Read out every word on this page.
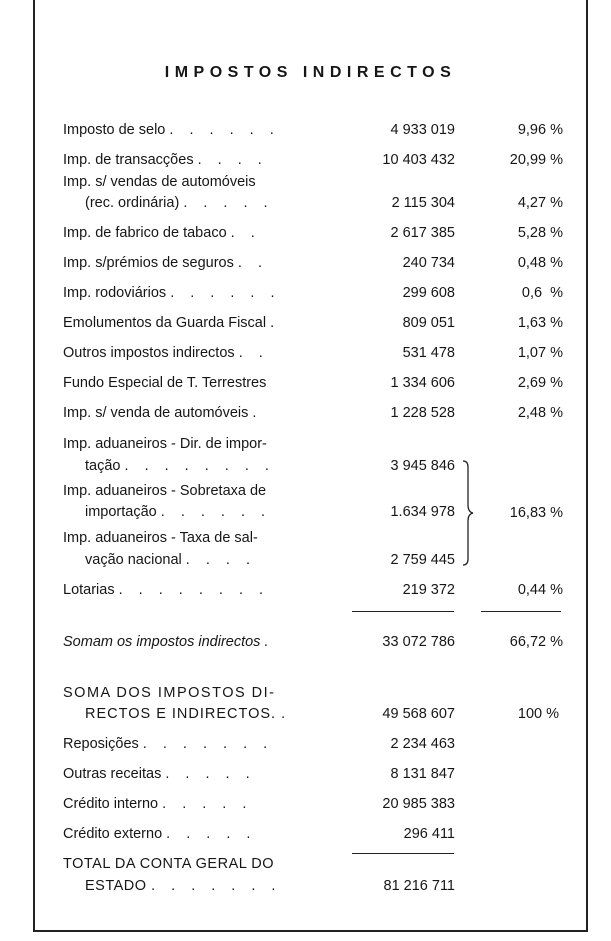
IMPOSTOS INDIRECTOS
Imposto de selo . . . . . .	4 933 019	9,96 %
Imp. de transacções . . . .	10 403 432	20,99 %
Imp. s/ vendas de automóveis
(rec. ordinária) . . . . .	2 115 304	4,27 %
Imp. de fabrico de tabaco . .	2 617 385	5,28 %
Imp. s/prémios de seguros . .	240 734	0,48 %
Imp. rodoviários . . . . . .	299 608	0,6  %
Emolumentos da Guarda Fiscal .	809 051	1,63 %
Outros impostos indirectos . .	531 478	1,07 %
Fundo Especial de T. Terrestres	1 334 606	2,69 %
Imp. s/ venda de automóveis .	1 228 528	2,48 %
Imp. aduaneiros - Dir. de impor-
tação . . . . . . . .	3 945 846
Imp. aduaneiros - Sobretaxa de
importação . . . . . .	1.634 978
Imp. aduaneiros - Taxa de sal-
vação nacional . . . .	2 759 445
16,83 %
Lotarias . . . . . . . .	219 372	0,44 %
Somam os impostos indirectos .	33 072 786	66,72 %
SOMA DOS IMPOSTOS DI-
RECTOS E INDIRECTOS. .	49 568 607	100 %
Reposições . . . . . . .	2 234 463
Outras receitas . . . . .	8 131 847
Crédito interno . . . . .	20 985 383
Crédito externo . . . . .	296 411
TOTAL DA CONTA GERAL DO
ESTADO . . . . . . .	81 216 711
